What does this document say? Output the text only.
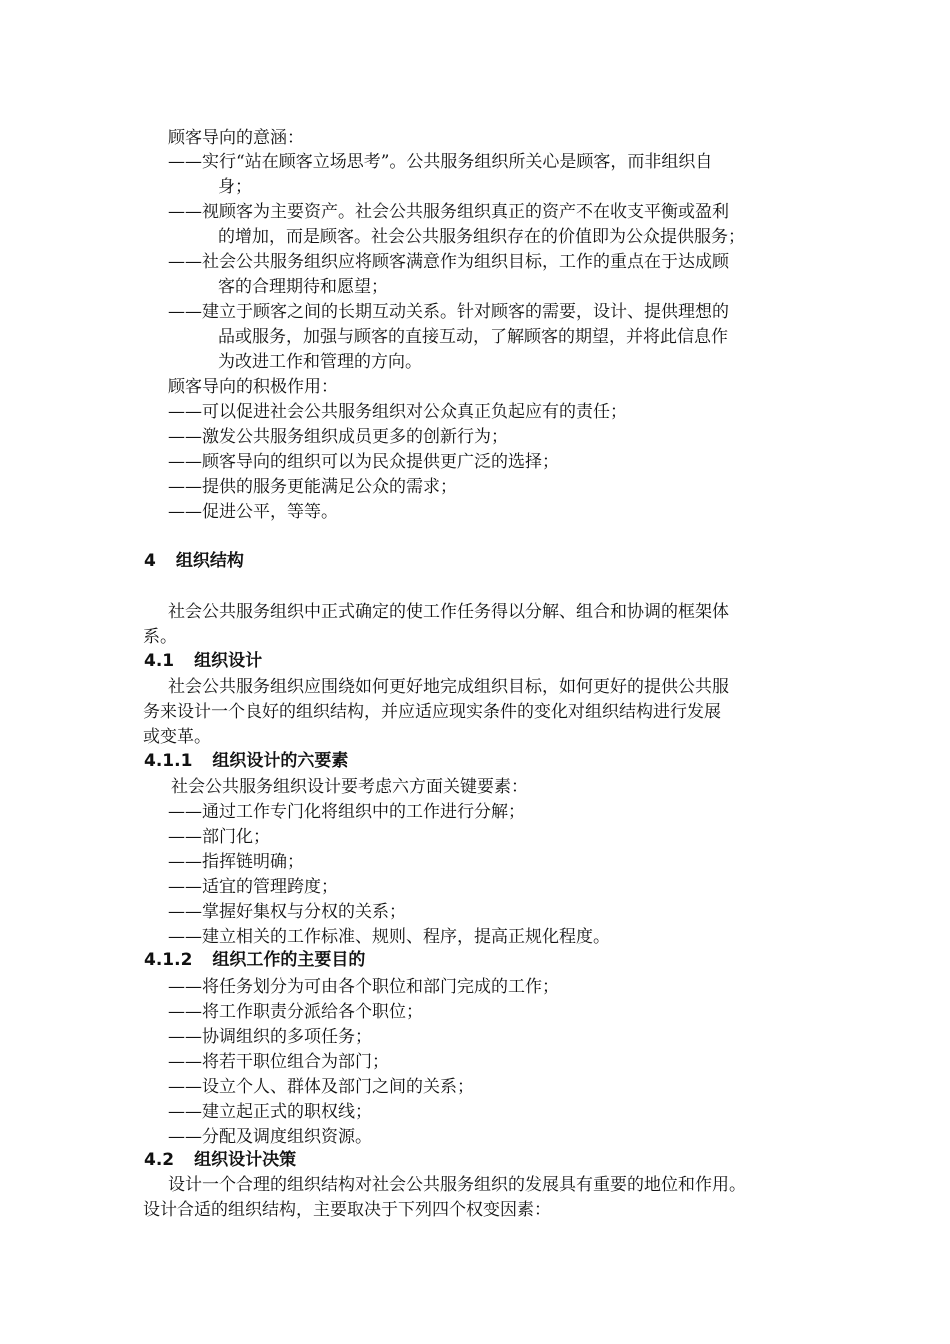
顾客导向的意涵：

——实行“站在顾客立场思考”。公共服务组织所关心是顾客，而非组织自

身；

——视顾客为主要资产。社会公共服务组织真正的资产不在收支平衡或盈利

的增加，而是顾客。社会公共服务组织存在的价值即为公众提供服务；

——社会公共服务组织应将顾客满意作为组织目标，工作的重点在于达成顾

客的合理期待和愿望；

——建立于顾客之间的长期互动关系。针对顾客的需要，设计、提供理想的

品或服务，加强与顾客的直接互动，了解顾客的期望，并将此信息作

为改进工作和管理的方向。

顾客导向的积极作用：

——可以促进社会公共服务组织对公众真正负起应有的责任；

——激发公共服务组织成员更多的创新行为；

——顾客导向的组织可以为民众提供更广泛的选择；

——提供的服务更能满足公众的需求；

——促进公平，等等。

4 组织结构

社会公共服务组织中正式确定的使工作任务得以分解、组合和协调的框架体

系。

4.1 组织设计

社会公共服务组织应围绕如何更好地完成组织目标，如何更好的提供公共服

务来设计一个良好的组织结构，并应适应现实条件的变化对组织结构进行发展

或变革。

4.1.1 组织设计的六要素

社会公共服务组织设计要考虑六方面关键要素：

——通过工作专门化将组织中的工作进行分解；

——部门化；

——指挥链明确；

——适宜的管理跨度；

——掌握好集权与分权的关系；

——建立相关的工作标准、规则、程序，提高正规化程度。

4.1.2 组织工作的主要目的

——将任务划分为可由各个职位和部门完成的工作；

——将工作职责分派给各个职位；

——协调组织的多项任务；

——将若干职位组合为部门；

——设立个人、群体及部门之间的关系；

——建立起正式的职权线；

——分配及调度组织资源。

4.2 组织设计决策

设计一个合理的组织结构对社会公共服务组织的发展具有重要的地位和作用。

设计合适的组织结构，主要取决于下列四个权变因素：
